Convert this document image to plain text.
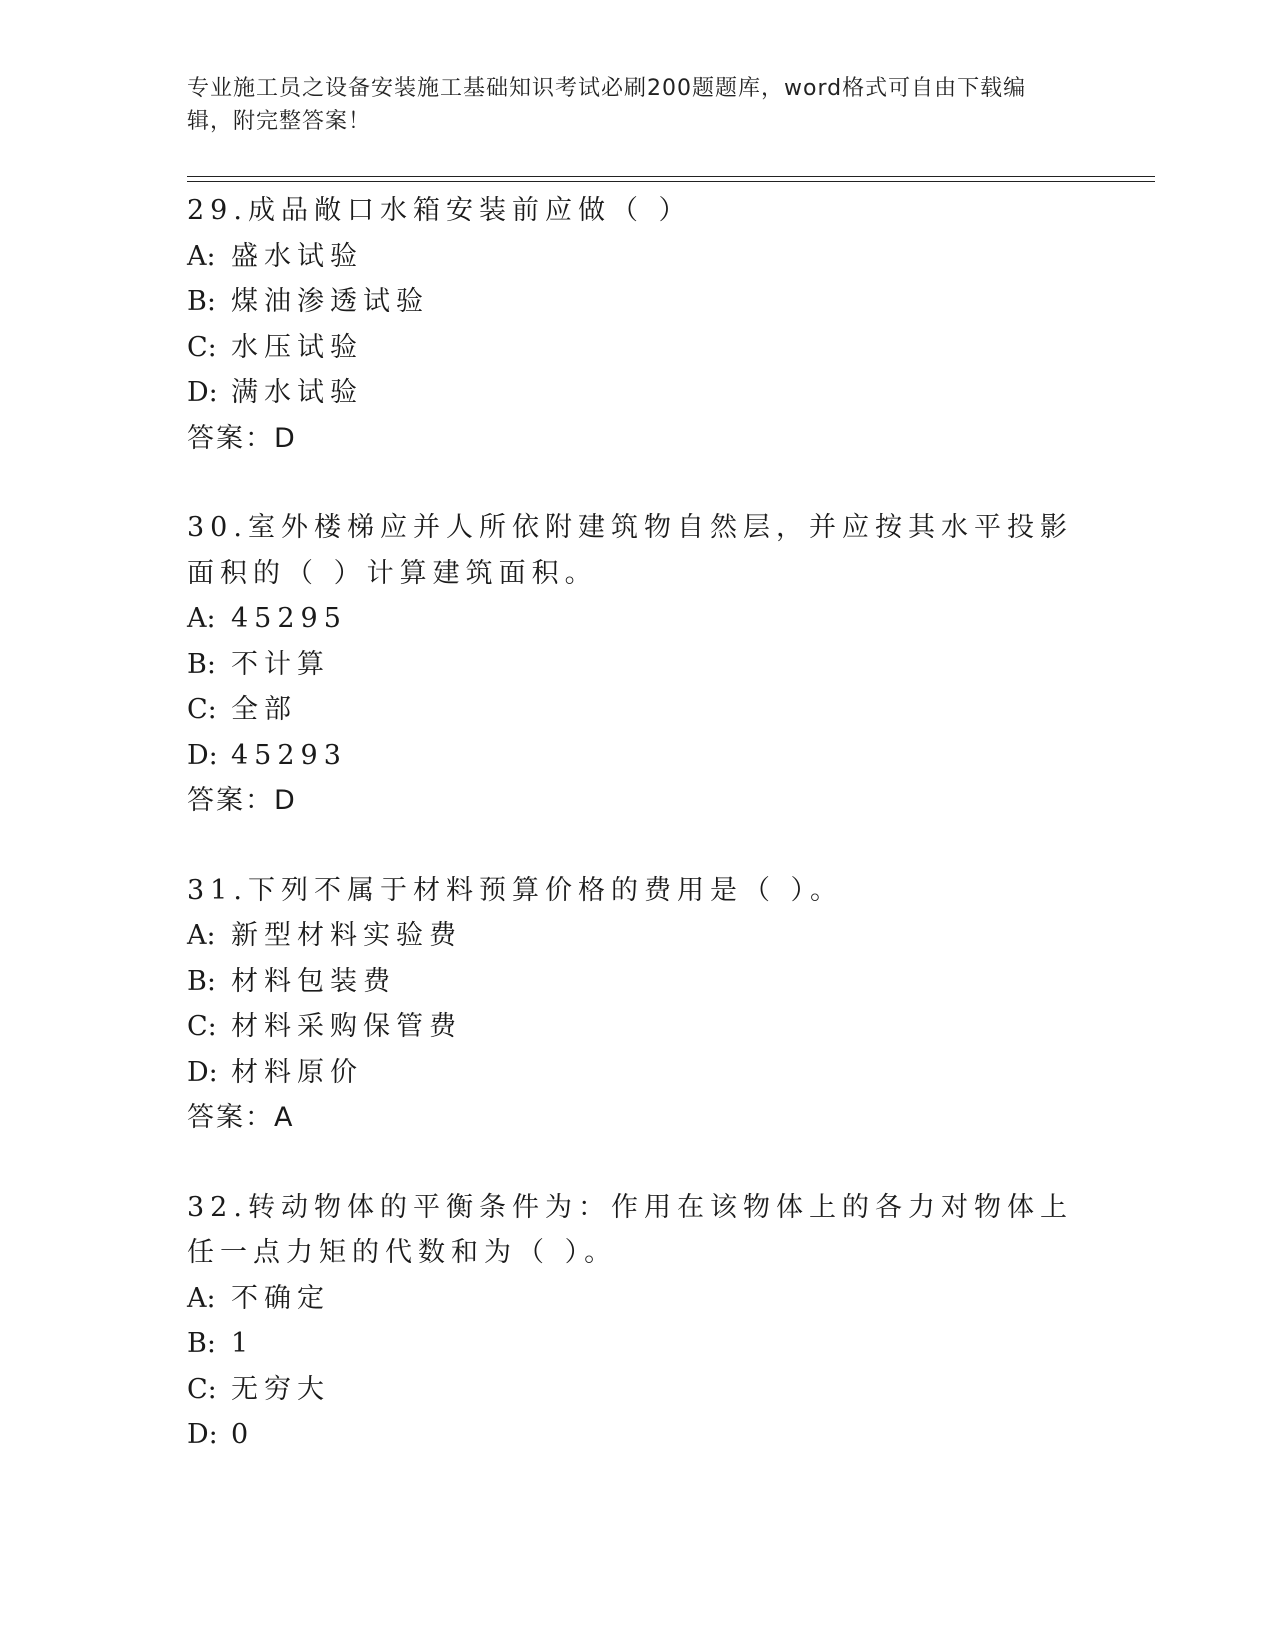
专业施工员之设备安装施工基础知识考试必刷200题题库，word格式可自由下载编辑，附完整答案！

29.成品敞口水箱安装前应做（ ）

A: 盛水试验

B: 煤油渗透试验

C: 水压试验

D: 满水试验

答案：D

30.室外楼梯应并人所依附建筑物自然层，并应按其水平投影面积的（ ）计算建筑面积。

A: 45295

B: 不计算

C: 全部

D: 45293

答案：D

31.下列不属于材料预算价格的费用是（ ）。

A: 新型材料实验费

B: 材料包装费

C: 材料采购保管费

D: 材料原价

答案：A

32.转动物体的平衡条件为：作用在该物体上的各力对物体上任一点力矩的代数和为（ ）。

A: 不确定

B: 1

C: 无穷大

D: 0
